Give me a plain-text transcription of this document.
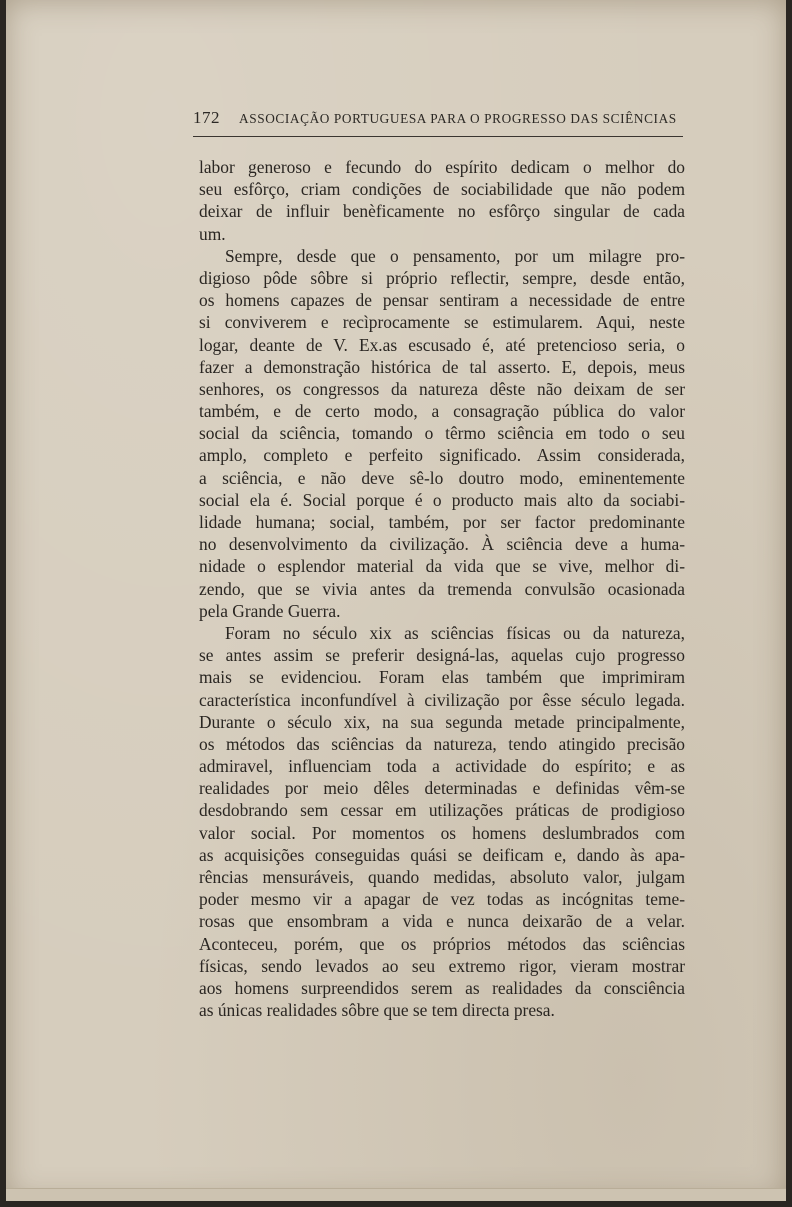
172 ASSOCIAÇÃO PORTUGUESA PARA O PROGRESSO DAS SCIÊNCIAS
labor generoso e fecundo do espírito dedicam o melhor do
seu esfôrço, criam condições de sociabilidade que não podem
deixar de influir benèficamente no esfôrço singular de cada
um.
Sempre, desde que o pensamento, por um milagre pro-
digioso pôde sôbre si próprio reflectir, sempre, desde então,
os homens capazes de pensar sentiram a necessidade de entre
si conviverem e recìprocamente se estimularem. Aqui, neste
logar, deante de V. Ex.as escusado é, até pretencioso seria, o
fazer a demonstração histórica de tal asserto. E, depois, meus
senhores, os congressos da natureza dêste não deixam de ser
também, e de certo modo, a consagração pública do valor
social da sciência, tomando o têrmo sciência em todo o seu
amplo, completo e perfeito significado. Assim considerada,
a sciência, e não deve sê-lo doutro modo, eminentemente
social ela é. Social porque é o producto mais alto da sociabi-
lidade humana; social, também, por ser factor predominante
no desenvolvimento da civilização. À sciência deve a huma-
nidade o esplendor material da vida que se vive, melhor di-
zendo, que se vivia antes da tremenda convulsão ocasionada
pela Grande Guerra.
Foram no século xix as sciências físicas ou da natureza,
se antes assim se preferir designá-las, aquelas cujo progresso
mais se evidenciou. Foram elas também que imprimiram
característica inconfundível à civilização por êsse século legada.
Durante o século xix, na sua segunda metade principalmente,
os métodos das sciências da natureza, tendo atingido precisão
admiravel, influenciam toda a actividade do espírito; e as
realidades por meio dêles determinadas e definidas vêm-se
desdobrando sem cessar em utilizações práticas de prodigioso
valor social. Por momentos os homens deslumbrados com
as acquisições conseguidas quási se deificam e, dando às apa-
rências mensuráveis, quando medidas, absoluto valor, julgam
poder mesmo vir a apagar de vez todas as incógnitas teme-
rosas que ensombram a vida e nunca deixarão de a velar.
Aconteceu, porém, que os próprios métodos das sciências
físicas, sendo levados ao seu extremo rigor, vieram mostrar
aos homens surpreendidos serem as realidades da consciência
as únicas realidades sôbre que se tem directa presa.
